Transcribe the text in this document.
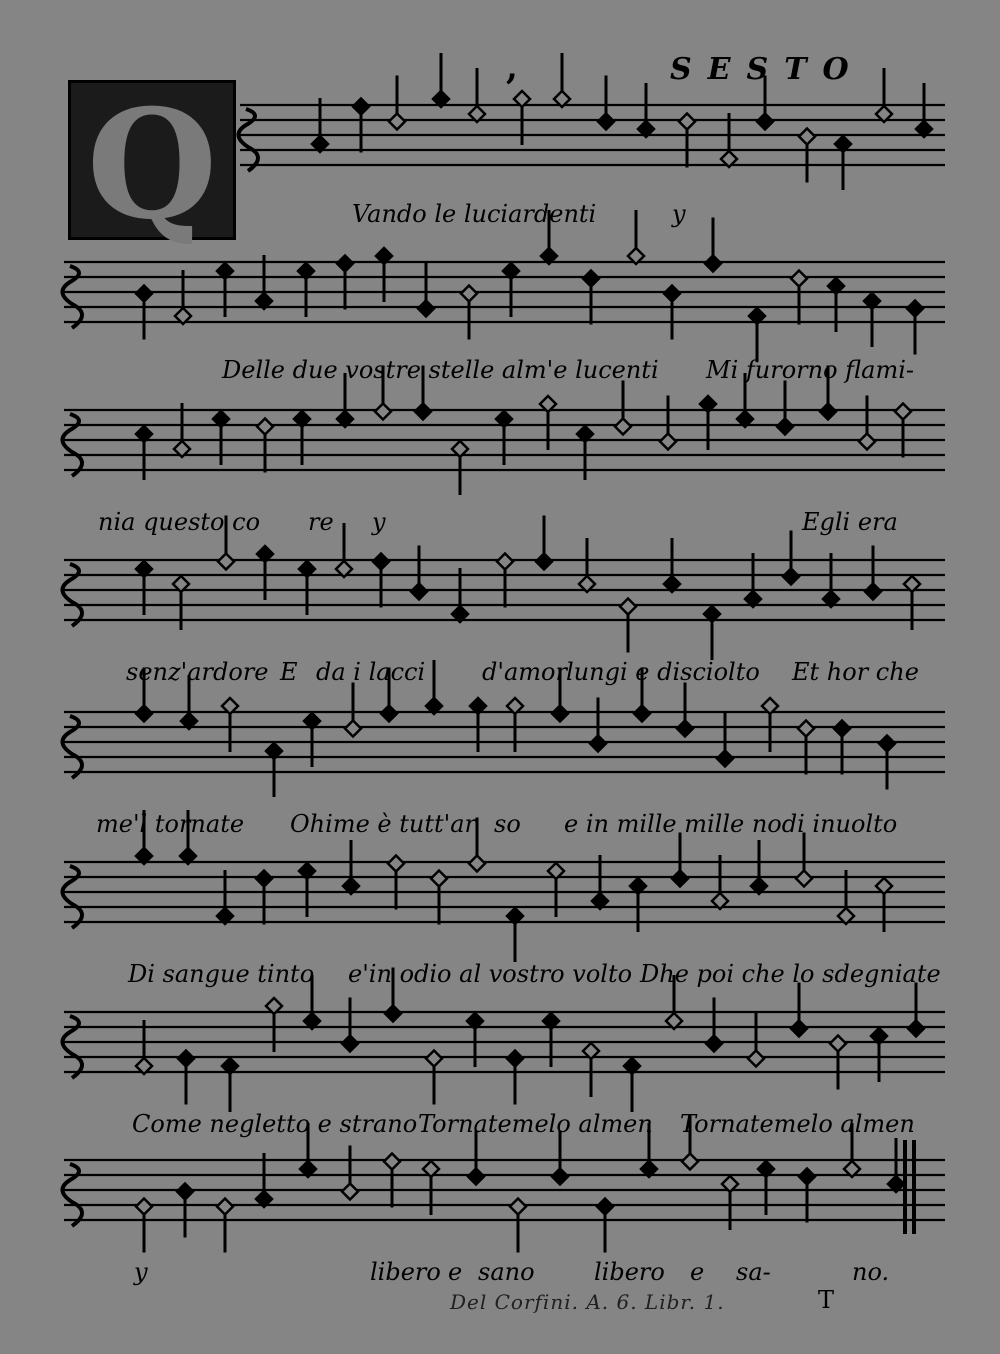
,	SESTO
Q	Vando le luciardenti	y
Delle due vostre stelle alm'e lucenti Mi furorno flami-
nia questo co re y	Egli era
senz'ardore E da i lacci d'amor lungi e disciolto Et hor che
me'l tornate Ohime è tutt'ar so e in mille mille nodi inuolto
Di sangue tinto e'in odio al vostro volto Dhe poi che lo sdegniate
Come negletto e strano Tornatemelo almen Tornatemelo almen
y	libero e sano libero e sa-	no.
Del Corfini. A. 6. Libr. 1.	T
